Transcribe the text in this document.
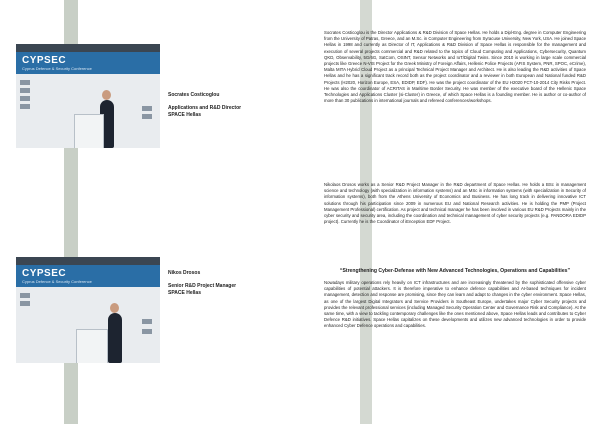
CYPSEC
Cyprus Defence & Security Conference
Socrates Costicoglou
Applications and R&D Director
SPACE Hellas
Socrates Costicoglou is the Director Applications & R&D Division of Space Hellas. He holds a Dipl-Eng. degree in Computer Engineering from the University of Patras, Greece, and an M.Sc. in Computer Engineering from Syracuse University, New York, USA. He joined Space Hellas in 1998 and currently as Director of IT, Applications & R&D Division of Space Hellas is responsible for the management and execution of several projects commercial and R&D related to the topics of Cloud Computing and Applications, Cybersecurity, Quantum QKD, Observability, 5G/6G, SatCom, OSINT, Sensor Networks and IoT/Digital Twins. Since 2010 is working in large scale commercial projects like Greece N-VIS Project for the Greek Ministry of Foreign Affairs, Hellenic Police Projects (AFIS System, PNR, SPOC, eCrime), Malta MITA Hybrid Cloud Project as a principal Technical Project Manager and Architect. He is also leading the R&D activities of Space Hellas and he has a significant track record both as the project coordinator and a reviewer in both European and National funded R&D Projects (H2020, Horizon Europe, ESA, EDIDP, EDF). He was the project coordinator of the EU H2020 FCT-10-2014 City Risks Project. He was also the coordinator of ACRITAS in Maritime Border Security. He was member of the executive board of the Hellenic Space Technologies and Applications Cluster (si-Cluster) in Greece, of which Space Hellas is a founding member. He is author or co-author of more than 30 publications in international journals and refereed conferences/workshops.
CYPSEC
Cyprus Defence & Security Conference
Nikos Drosos
Senior R&D Project Manager
SPACE Hellas
Nikolaos Drosos works as a Senior R&D Project Manager in the R&D department of Space Hellas. He holds a BSc in management science and technology (with specialization in information systems) and an MSc in information systems (with specialization in Security of information systems), both from the Athens University of Economics and Business. He has long track in delivering innovative ICT solutions through his participation since 2009 in numerous EU and National Research activities. He is holding the PMP (Project Management Professional) certification. As project and technical manager he has been involved in various EU R&D Projects mainly in the cyber security and security area, including the coordination and technical management of cyber security projects (e.g. PANDORA EDIDP project). Currently he is the Coordinator of iEnception EDF Project.
“Strengthening Cyber-Defense with New Advanced Technologies, Operations and Capabilities”
Nowadays military operations rely heavily on ICT infrastructures and are increasingly threatened by the sophisticated offensive cyber capabilities of potential attackers. It is therefore imperative to enhance defence capabilities and AI-based techniques for incident management, detection and response are promising, since they can learn and adapt to changes in the cyber environment. Space Hellas, as one of the largest Digital Integrators and Service Providers in Southeast Europe, undertakes major Cyber Security projects and provides the relevant professional services (including Managed Security Operation Center and Governance Risk and Compliance). At the same time, with a view to tackling contemporary challenges like the ones mentioned above, Space Hellas leads and contributes to Cyber Defence R&D initiatives. Space Hellas capitalizes on these developments and utilizes new advanced technologies in order to provide enhanced Cyber Defence operations and capabilities.
